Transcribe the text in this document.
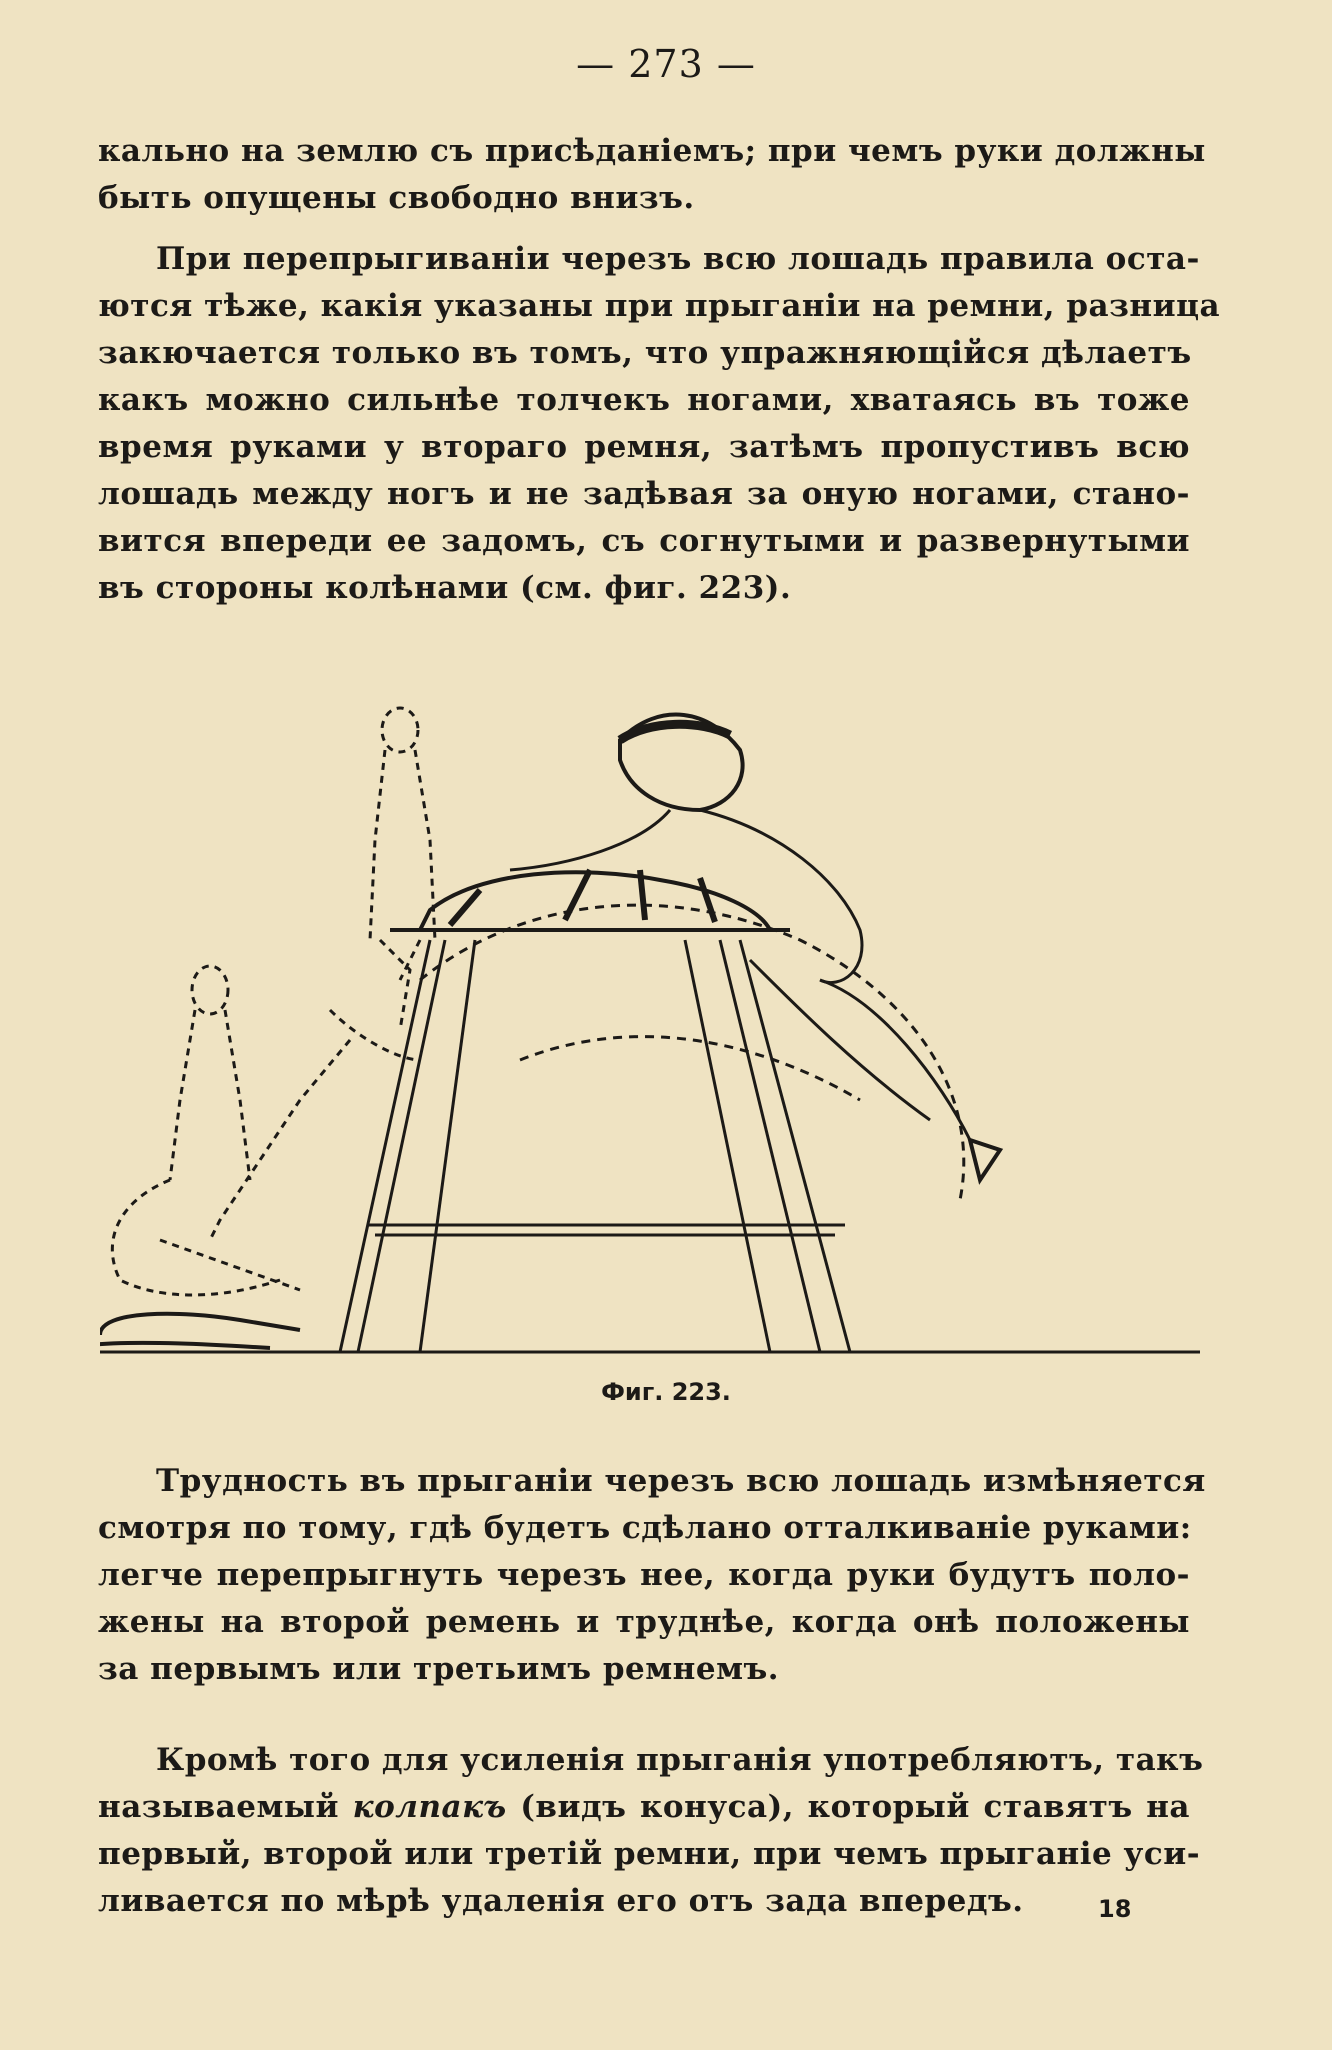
— 273 —

кально на землю съ присѣданіемъ; при чемъ руки должны
быть опущены свободно внизъ.

При перепрыгиваніи черезъ всю лошадь правила оста-
ются тѣже, какія указаны при прыганіи на ремни, разница
закючается только въ томъ, что упражняющійся дѣлаетъ
какъ можно сильнѣе толчекъ ногами, хватаясь въ тоже
время руками у втораго ремня, затѣмъ пропустивъ всю
лошадь между ногъ и не задѣвая за оную ногами, стано-
вится впереди ее задомъ, съ согнутыми и развернутыми
въ стороны колѣнами (см. фиг. 223).

Фиг. 223.

Трудность въ прыганіи черезъ всю лошадь измѣняется
смотря по тому, гдѣ будетъ сдѣлано отталкиваніе руками:
легче перепрыгнуть черезъ нее, когда руки будутъ поло-
жены на второй ремень и труднѣе, когда онѣ положены
за первымъ или третьимъ ремнемъ.

Кромѣ того для усиленія прыганія употребляютъ, такъ
называемый колпакъ (видъ конуса), который ставятъ на
первый, второй или третій ремни, при чемъ прыганіе уси-
ливается по мѣрѣ удаленія его отъ зада впередъ.	18
